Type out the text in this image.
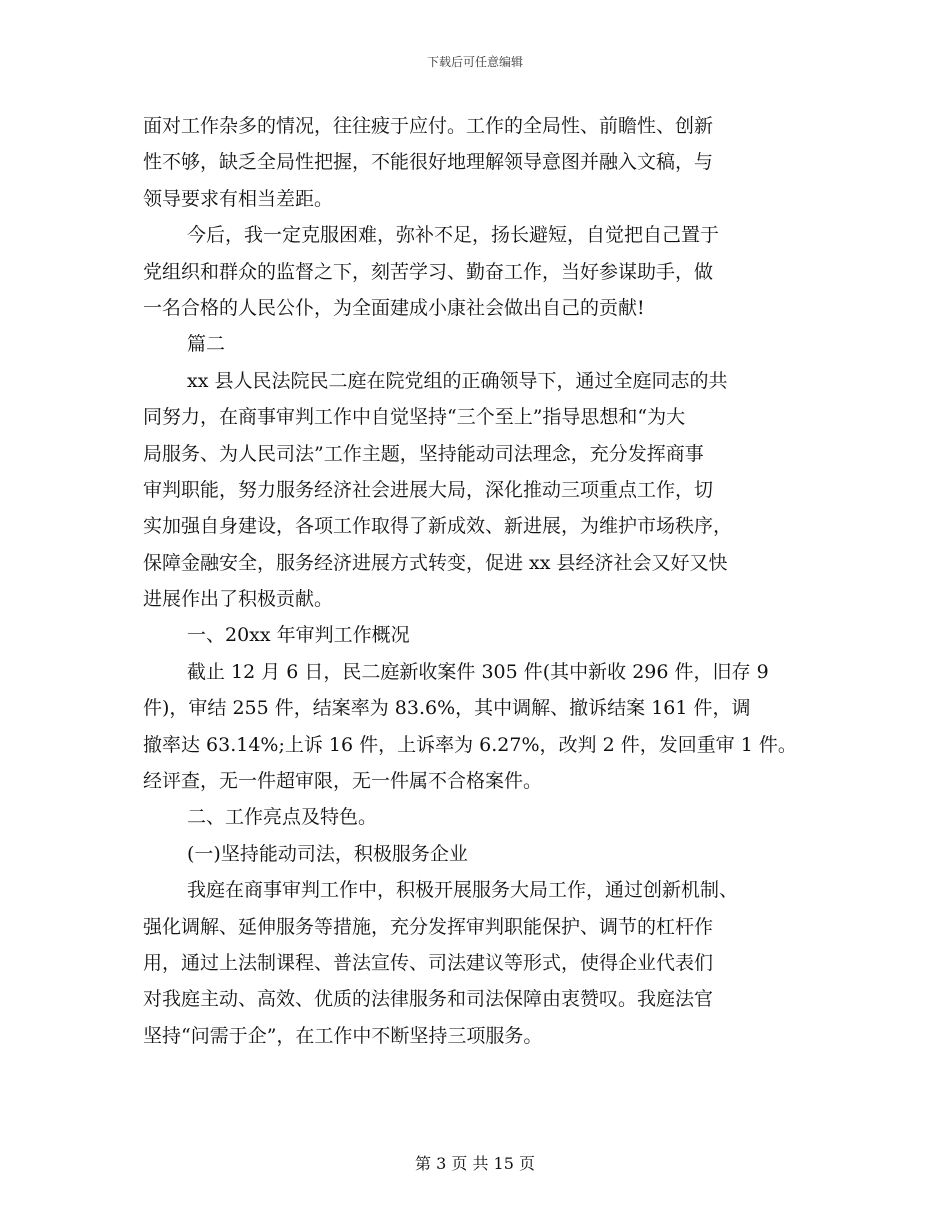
下载后可任意编辑
面对工作杂多的情况，往往疲于应付。工作的全局性、前瞻性、创新
性不够，缺乏全局性把握，不能很好地理解领导意图并融入文稿，与
领导要求有相当差距。
今后，我一定克服困难，弥补不足，扬长避短，自觉把自己置于
党组织和群众的监督之下，刻苦学习、勤奋工作，当好参谋助手，做
一名合格的人民公仆，为全面建成小康社会做出自己的贡献!
篇二
xx 县人民法院民二庭在院党组的正确领导下，通过全庭同志的共
同努力，在商事审判工作中自觉坚持“三个至上”指导思想和“为大
局服务、为人民司法”工作主题，坚持能动司法理念，充分发挥商事
审判职能，努力服务经济社会进展大局，深化推动三项重点工作，切
实加强自身建设，各项工作取得了新成效、新进展，为维护市场秩序，
保障金融安全，服务经济进展方式转变，促进 xx 县经济社会又好又快
进展作出了积极贡献。
一、20xx 年审判工作概况
截止 12 月 6 日，民二庭新收案件 305 件(其中新收 296 件，旧存 9
件)，审结 255 件，结案率为 83.6%，其中调解、撤诉结案 161 件，调
撤率达 63.14%;上诉 16 件，上诉率为 6.27%，改判 2 件，发回重审 1 件。
经评查，无一件超审限，无一件属不合格案件。
二、工作亮点及特色。
(一)坚持能动司法，积极服务企业
我庭在商事审判工作中，积极开展服务大局工作，通过创新机制、
强化调解、延伸服务等措施，充分发挥审判职能保护、调节的杠杆作
用，通过上法制课程、普法宣传、司法建议等形式，使得企业代表们
对我庭主动、高效、优质的法律服务和司法保障由衷赞叹。我庭法官
坚持“问需于企”，在工作中不断坚持三项服务。
第 3 页 共 15 页
